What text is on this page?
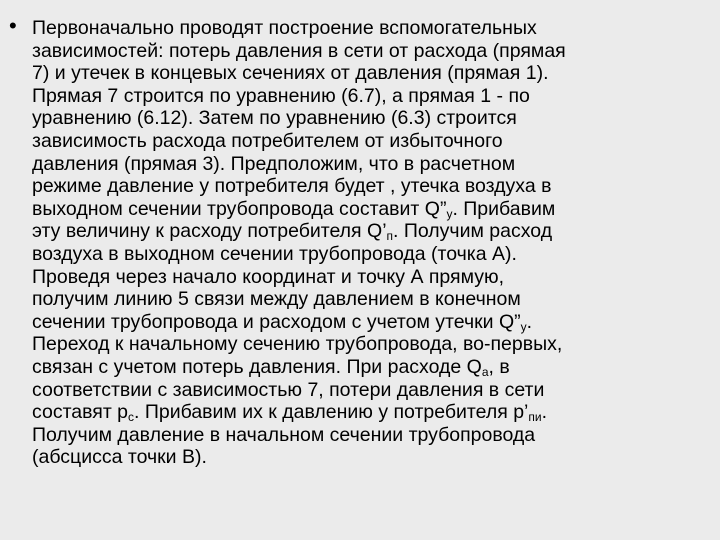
• Первоначально проводят построение вспомогательных
зависимостей: потерь давления в сети от расхода (прямая
7) и утечек в концевых сечениях от давления (прямая 1).
Прямая 7 строится по уравнению (6.7), а прямая 1 - по
уравнению (6.12). Затем по уравнению (6.3) строится
зависимость расхода потребителем от избыточного
давления (прямая 3). Предположим, что в расчетном
режиме давление у потребителя будет , утечка воздуха в
выходном сечении трубопровода составит $Q”_у$. Прибавим
эту величину к расходу потребителя $Q’_п$. Получим расход
воздуха в выходном сечении трубопровода (точка А).
Проведя через начало координат и точку А прямую,
получим линию 5 связи между давлением в конечном
сечении трубопровода и расходом с учетом утечки $Q”_у$.
Переход к начальному сечению трубопровода, во-первых,
связан с учетом потерь давления. При расходе $Q_а$, в
соответствии с зависимостью 7, потери давления в сети
составят $р_с$. Прибавим их к давлению у потребителя $р’_{пи}$.
Получим давление в начальном сечении трубопровода
(абсцисса точки В).
